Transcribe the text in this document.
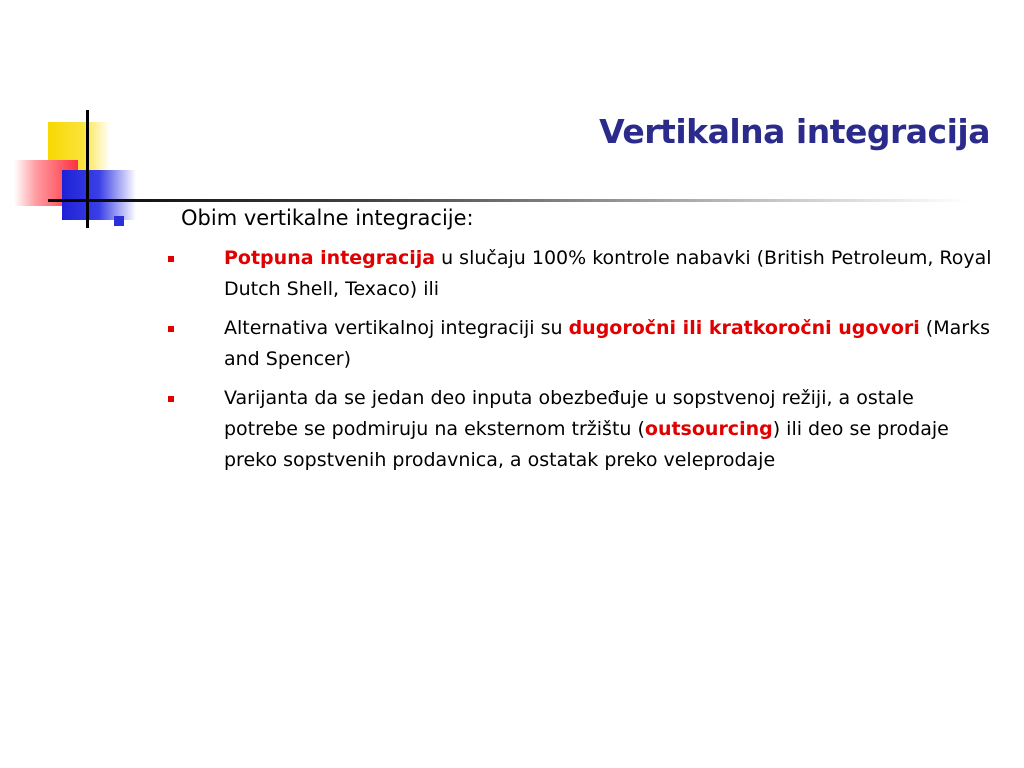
Vertikalna integracija
Obim vertikalne integracije:
Potpuna integracija u slučaju 100% kontrole nabavki (British Petroleum, Royal Dutch Shell, Texaco) ili
Alternativa vertikalnoj integraciji su dugoročni ili kratkoročni ugovori (Marks and Spencer)
Varijanta da se jedan deo inputa obezbeđuje u sopstvenoj režiji, a ostale potrebe se podmiruju na eksternom tržištu (outsourcing) ili deo se prodaje preko sopstvenih prodavnica, a ostatak preko veleprodaje
